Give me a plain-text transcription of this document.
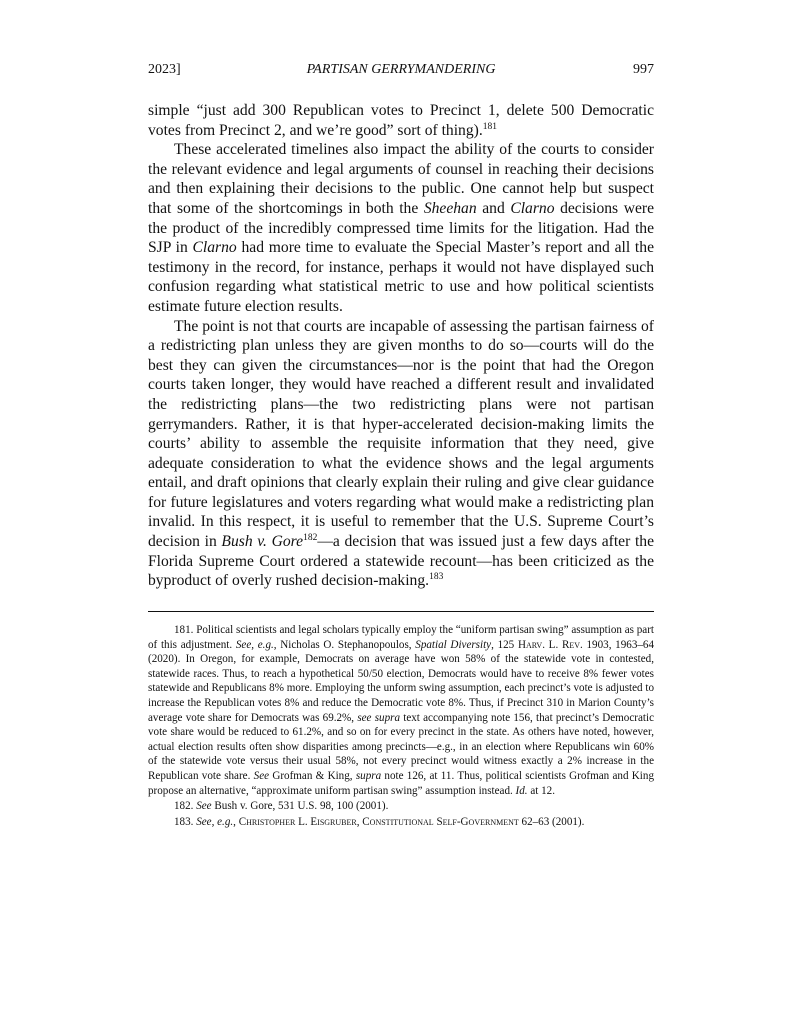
2023]	PARTISAN GERRYMANDERING	997

simple “just add 300 Republican votes to Precinct 1, delete 500 Democratic votes from Precinct 2, and we’re good” sort of thing).$^{181}$

These accelerated timelines also impact the ability of the courts to consider the relevant evidence and legal arguments of counsel in reaching their decisions and then explaining their decisions to the public. One cannot help but suspect that some of the shortcomings in both the Sheehan and Clarno decisions were the product of the incredibly compressed time limits for the litigation. Had the SJP in Clarno had more time to evaluate the Special Master’s report and all the testimony in the record, for instance, perhaps it would not have displayed such confusion regarding what statistical metric to use and how political scientists estimate future election results.

The point is not that courts are incapable of assessing the partisan fairness of a redistricting plan unless they are given months to do so—courts will do the best they can given the circumstances—nor is the point that had the Oregon courts taken longer, they would have reached a different result and invalidated the redistricting plans—the two redistricting plans were not partisan gerrymanders. Rather, it is that hyper-accelerated decision-making limits the courts’ ability to assemble the requisite information that they need, give adequate consideration to what the evidence shows and the legal arguments entail, and draft opinions that clearly explain their ruling and give clear guidance for future legislatures and voters regarding what would make a redistricting plan invalid. In this respect, it is useful to remember that the U.S. Supreme Court’s decision in Bush v. Gore$^{182}$—a decision that was issued just a few days after the Florida Supreme Court ordered a statewide recount—has been criticized as the byproduct of overly rushed decision-making.$^{183}$

181. Political scientists and legal scholars typically employ the “uniform partisan swing” assumption as part of this adjustment. See, e.g., Nicholas O. Stephanopoulos, Spatial Diversity, 125 Harv. L. Rev. 1903, 1963–64 (2020). In Oregon, for example, Democrats on average have won 58% of the statewide vote in contested, statewide races. Thus, to reach a hypothetical 50/50 election, Democrats would have to receive 8% fewer votes statewide and Republicans 8% more. Employing the unform swing assumption, each precinct’s vote is adjusted to increase the Republican votes 8% and reduce the Democratic vote 8%. Thus, if Precinct 310 in Marion County’s average vote share for Democrats was 69.2%, see supra text accompanying note 156, that precinct’s Democratic vote share would be reduced to 61.2%, and so on for every precinct in the state. As others have noted, however, actual election results often show disparities among precincts—e.g., in an election where Republicans win 60% of the statewide vote versus their usual 58%, not every precinct would witness exactly a 2% increase in the Republican vote share. See Grofman & King, supra note 126, at 11. Thus, political scientists Grofman and King propose an alternative, “approximate uniform partisan swing” assumption instead. Id. at 12.

182. See Bush v. Gore, 531 U.S. 98, 100 (2001).

183. See, e.g., Christopher L. Eisgruber, Constitutional Self-Government 62–63 (2001).
